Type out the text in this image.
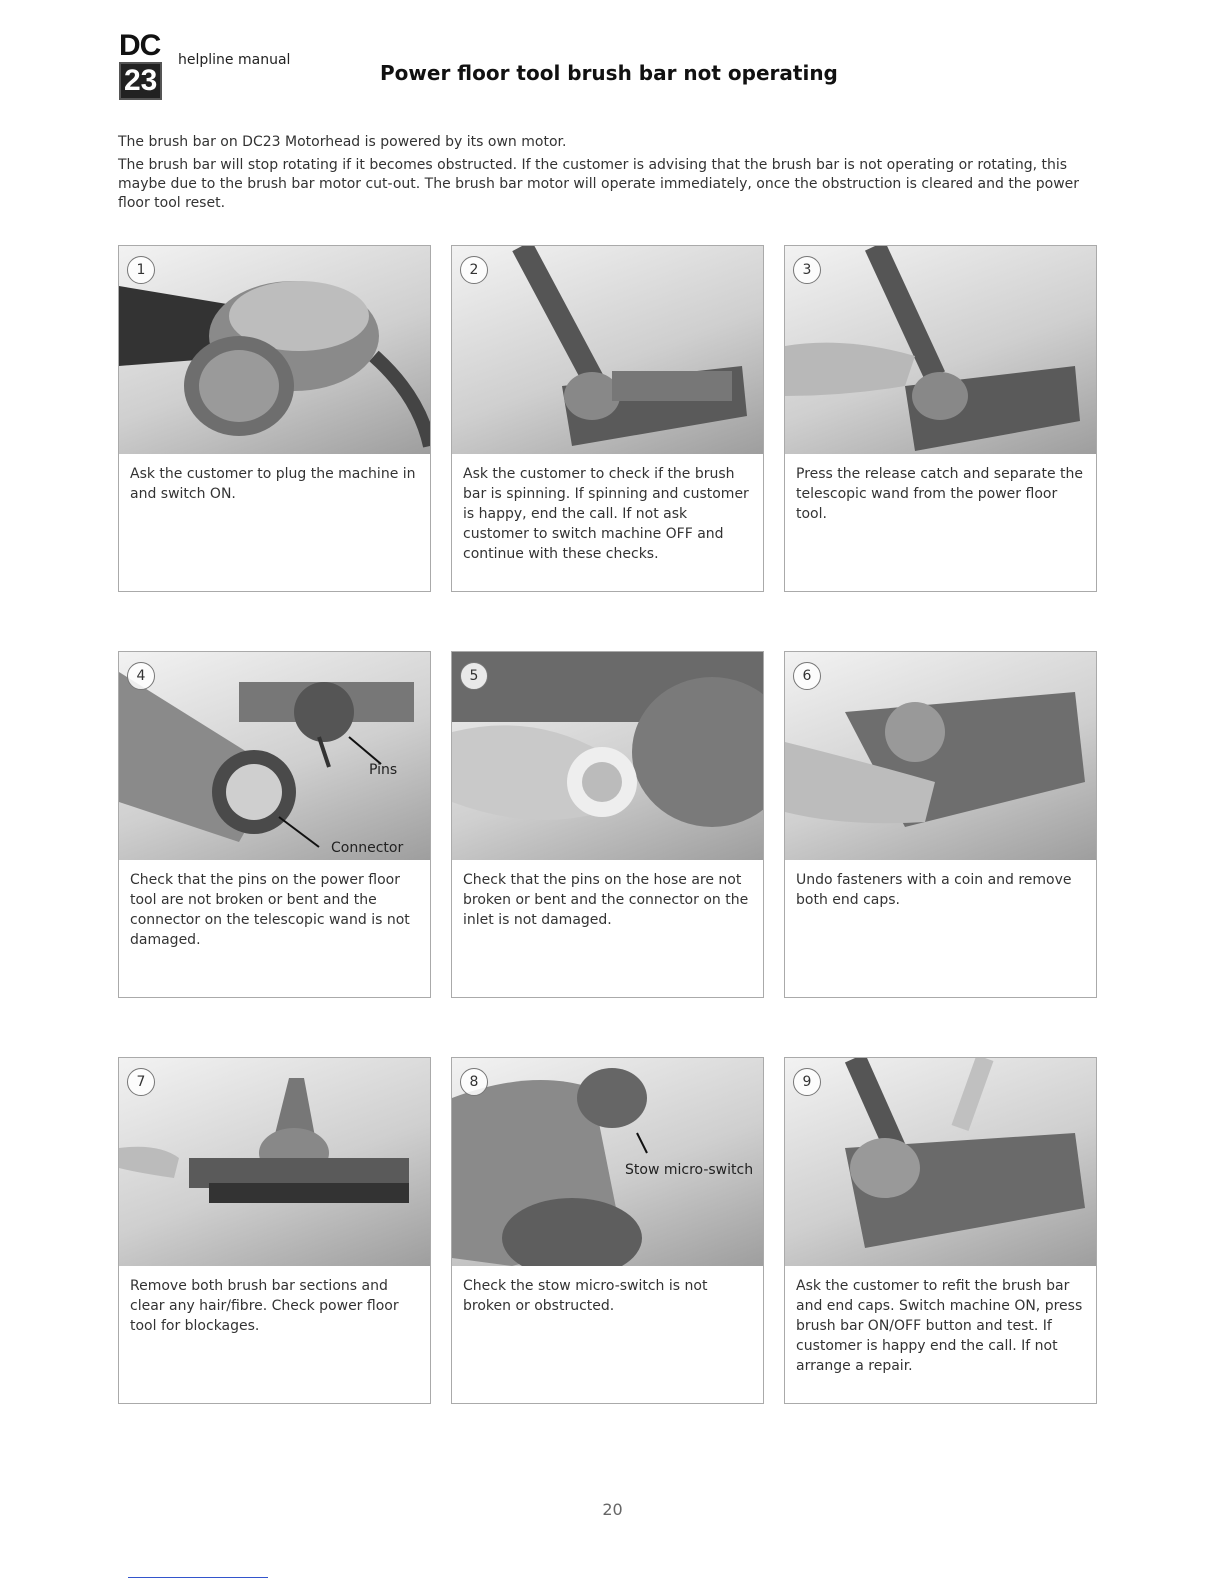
DC
23
helpline manual
Power floor tool brush bar not operating

The brush bar on DC23 Motorhead is powered by its own motor.

The brush bar will stop rotating if it becomes obstructed. If the customer is advising that the brush bar is not operating or rotating, this maybe due to the brush bar motor cut-out. The brush bar motor will operate immediately, once the obstruction is cleared and the power floor tool reset.

1
Ask the customer to plug the machine in and switch ON.
2
Ask the customer to check if the brush bar is spinning. If spinning and customer is happy, end the call. If not ask customer to switch machine OFF and continue with these checks.
3
Press the release catch and separate the telescopic wand from the power floor tool.
4
Pins
Connector
Check that the pins on the power floor tool are not broken or bent and the connector on the telescopic wand is not damaged.
5
Check that the pins on the hose are not broken or bent and the connector on the inlet is not damaged.
6
Undo fasteners with a coin and remove both end caps.
7
Remove both brush bar sections and clear any hair/fibre. Check power floor tool for blockages.
8
Stow micro-switch
Check the stow micro-switch is not broken or obstructed.
9
Ask the customer to refit the brush bar and end caps. Switch machine ON, press brush bar ON/OFF button and test. If customer is happy end the call. If not arrange a repair.
20
